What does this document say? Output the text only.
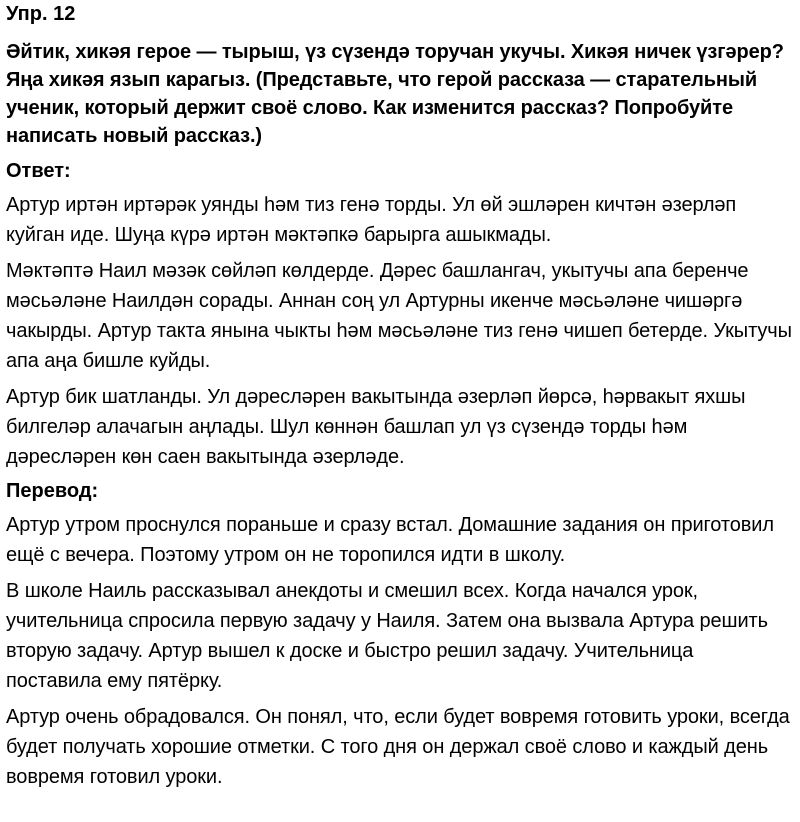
Упр. 12
Әйтик, хикәя герое — тырыш, үз сүзендә торучан укучы. Хикәя ничек үзгәрер? Яңа хикәя язып карагыз. (Представьте, что герой рассказа — старательный ученик, который держит своё слово. Как изменится рассказ? Попробуйте написать новый рассказ.)
Ответ:

Артур иртән иртәрәк уянды һәм тиз генә торды. Ул өй эшләрен кичтән әзерләп куйган иде. Шуңа күрә иртән мәктәпкә барырга ашыкмады.

Мәктәптә Наил мәзәк сөйләп көлдерде. Дәрес башлангач, укытучы апа беренче мәсьәләне Наилдән сорады. Аннан соң ул Артурны икенче мәсьәләне чишәргә чакырды. Артур такта янына чыкты һәм мәсьәләне тиз генә чишеп бетерде. Укытучы апа аңа бишле куйды.

Артур бик шатланды. Ул дәресләрен вакытында әзерләп йөрсә, һәрвакыт яхшы билгеләр алачагын аңлады. Шул көннән башлап ул үз сүзендә торды һәм дәресләрен көн саен вакытында әзерләде.

Перевод:

Артур утром проснулся пораньше и сразу встал. Домашние задания он приготовил ещё с вечера. Поэтому утром он не торопился идти в школу.

В школе Наиль рассказывал анекдоты и смешил всех. Когда начался урок, учительница спросила первую задачу у Наиля. Затем она вызвала Артура решить вторую задачу. Артур вышел к доске и быстро решил задачу. Учительница поставила ему пятёрку.

Артур очень обрадовался. Он понял, что, если будет вовремя готовить уроки, всегда будет получать хорошие отметки. С того дня он держал своё слово и каждый день вовремя готовил уроки.
